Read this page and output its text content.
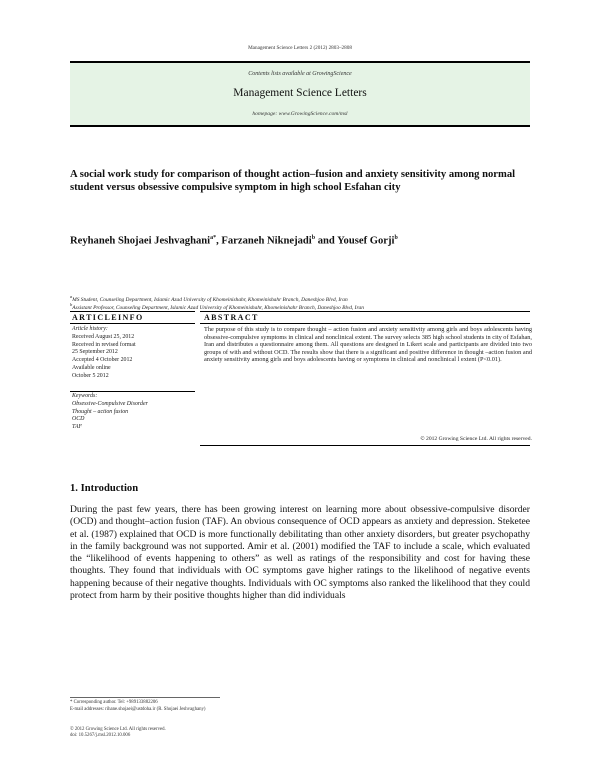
Management Science Letters 2 (2012) 2803–2808
Contents lists available at GrowingScience
Management Science Letters
homepage: www.GrowingScience.com/msl
A social work study for comparison of thought action–fusion and anxiety sensitivity among normal student versus obsessive compulsive symptom in high school Esfahan city
Reyhaneh Shojaei Jeshvaghani$^{a*}$, Farzaneh Niknejadi$^b$ and Yousef Gorji$^b$
$^a$MS Student, Counseling Department, Islamic Azad University of Khomeinishahr, Khomeinishahr Branch, Daneshjoo Blvd, Iran
$^b$Assistant Professor, Counseling Department, Islamic Azad University of Khomeinishahr, Khomeinishahr Branch, Daneshjoo Blvd, Iran
ARTICLEINFO	ABSTRACT
Article history:
Received August 25, 2012
Received in revised format
25 September 2012
Accepted 4 October 2012
Available online
October 5 2012
Keywords:
Obsessive-Compulsive Disorder
Thought – action fusion
OCD
TAF
The purpose of this study is to compare thought – action fusion and anxiety sensitivity among girls and boys adolescents having obsessive-compulsive symptoms in clinical and nonclinical extent. The survey selects 385 high school students in city of Esfahan, Iran and distributes a questionnaire among them. All questions are designed in Likert scale and participants are divided into two groups of with and without OCD. The results show that there is a significant and positive difference in thought –action fusion and anxiety sensitivity among girls and boys adolescents having or symptoms in clinical and nonclinical l extent (P<0.01).
© 2012 Growing Science Ltd. All rights reserved.
1. Introduction
During the past few years, there has been growing interest on learning more about obsessive-compulsive disorder (OCD) and thought–action fusion (TAF). An obvious consequence of OCD appears as anxiety and depression. Steketee et al. (1987) explained that OCD is more functionally debilitating than other anxiety disorders, but greater psychopathy in the family background was not supported. Amir et al. (2001) modified the TAF to include a scale, which evaluated the “likelihood of events happening to others” as well as ratings of the responsibility and cost for having these thoughts. They found that individuals with OC symptoms gave higher ratings to the likelihood of negative events happening because of their negative thoughts. Individuals with OC symptoms also ranked the likelihood that they could protect from harm by their positive thoughts higher than did individuals
* Corresponding author. Tel: +989133882206
E-mail addresses: rihane.shojaei@ustdoha.ir (R. Shojaei Jeshvaghany)
© 2012 Growing Science Ltd. All rights reserved.
doi: 10.5267/j.msl.2012.10.006
